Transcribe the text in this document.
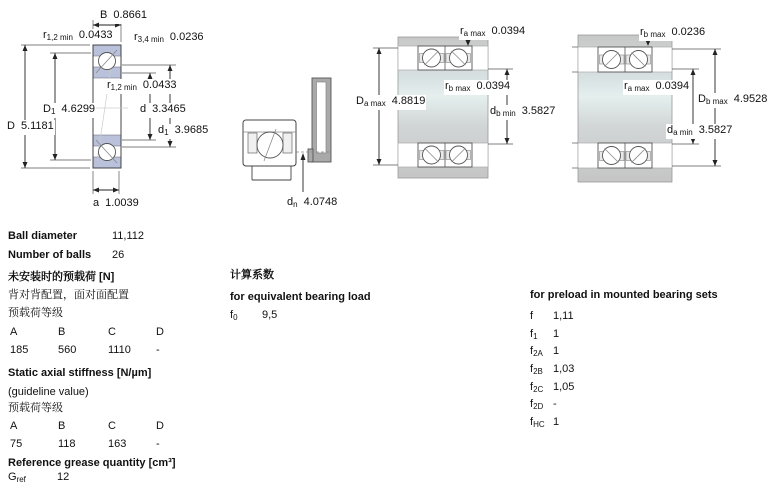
B 0.8661
r1,2 min 0.0433 r3,4 min 0.0236
r1,2 min 0.0433
D1 4.6299	d 3.3465
D 5.1181	d1 3.9685
a 1.0039	dn 4.0748
ra max 0.0394
Da max 4.8819
rb max 0.0394
db min 3.5827
rb max 0.0236
ra max 0.0394
Db max 4.9528
da min 3.5827
Ball diameter	11,112
Number of balls 26
未安装时的预载荷 [N]
背对背配置，面对面配置
预载荷等级
A	B	C	D
185	560	1110 -
Static axial stiffness [N/µm]
(guideline value)
预载荷等级
A	B	C	D
75	118	163	-
Reference grease quantity [cm³]
Gref	12
计算系数
for equivalent bearing load
f0 9,5
for preload in mounted bearing sets
f 1,11
f1 1
f2A 1
f2B 1,03
f2C 1,05
f2D -
fHC 1
